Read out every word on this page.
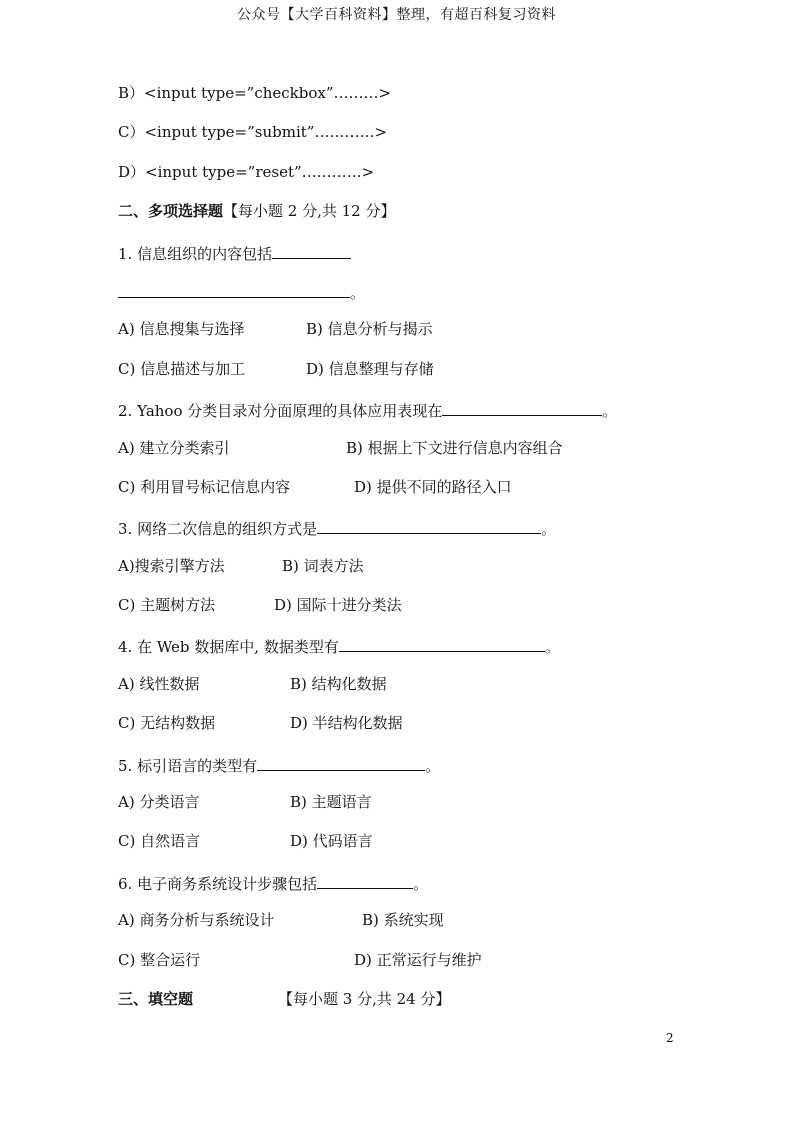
公众号【大学百科资料】整理，有超百科复习资料
B）<input type=”checkbox”………>
C）<input type=”submit”…………>
D）<input type=”reset”…………>
二、多项选择题【每小题 2 分,共 12 分】
1. 信息组织的内容包括
。
A) 信息搜集与选择	B) 信息分析与揭示
C) 信息描述与加工	D) 信息整理与存储
2. Yahoo 分类目录对分面原理的具体应用表现在	。
A) 建立分类索引	B) 根据上下文进行信息内容组合
C) 利用冒号标记信息内容	D) 提供不同的路径入口
3. 网络二次信息的组织方式是	。
A)搜索引擎方法	B) 词表方法
C) 主题树方法	D) 国际十进分类法
4. 在 Web 数据库中, 数据类型有	。
A) 线性数据	B) 结构化数据
C) 无结构数据	D) 半结构化数据
5. 标引语言的类型有	。
A) 分类语言	B) 主题语言
C) 自然语言	D) 代码语言
6. 电子商务系统设计步骤包括	。
A) 商务分析与系统设计	B) 系统实现
C) 整合运行	D) 正常运行与维护
三、填空题	【每小题 3 分,共 24 分】
2
